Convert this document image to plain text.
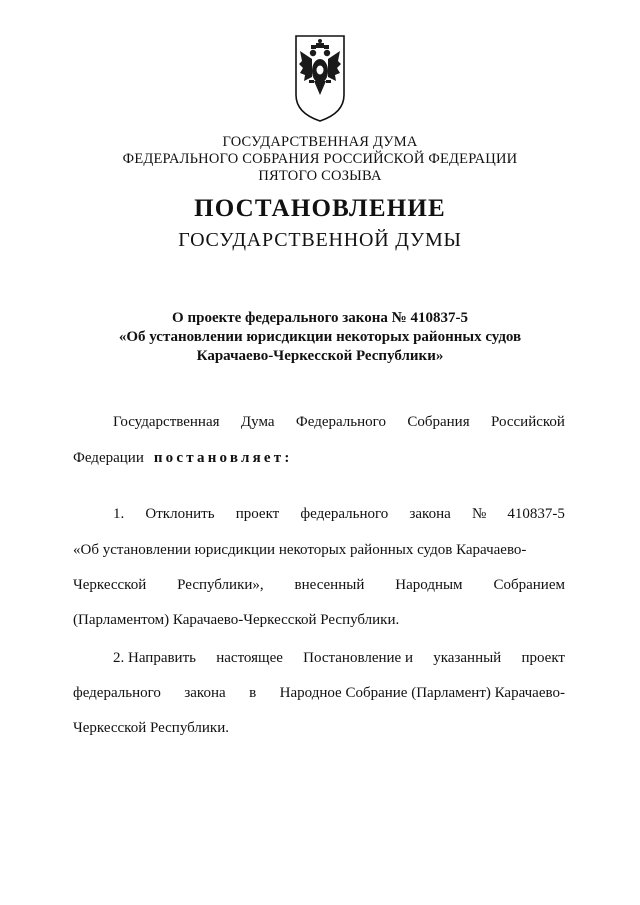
ГОСУДАРСТВЕННАЯ ДУМА
ФЕДЕРАЛЬНОГО СОБРАНИЯ РОССИЙСКОЙ ФЕДЕРАЦИИ
ПЯТОГО СОЗЫВА
ПОСТАНОВЛЕНИЕ
ГОСУДАРСТВЕННОЙ ДУМЫ
О проекте федерального закона № 410837-5
«Об установлении юрисдикции некоторых районных судов
Карачаево-Черкесской Республики»
Государственная Дума Федерального Собрания Российской
Федерации постановляет:
1. Отклонить проект федерального закона № 410837-5
«Об установлении юрисдикции некоторых районных судов Карачаево-
Черкесской Республики», внесенный Народным Собранием
(Парламентом) Карачаево-Черкесской Республики.
2. Направить настоящее Постановление и указанный проект
федерального закона в Народное Собрание (Парламент) Карачаево-
Черкесской Республики.
